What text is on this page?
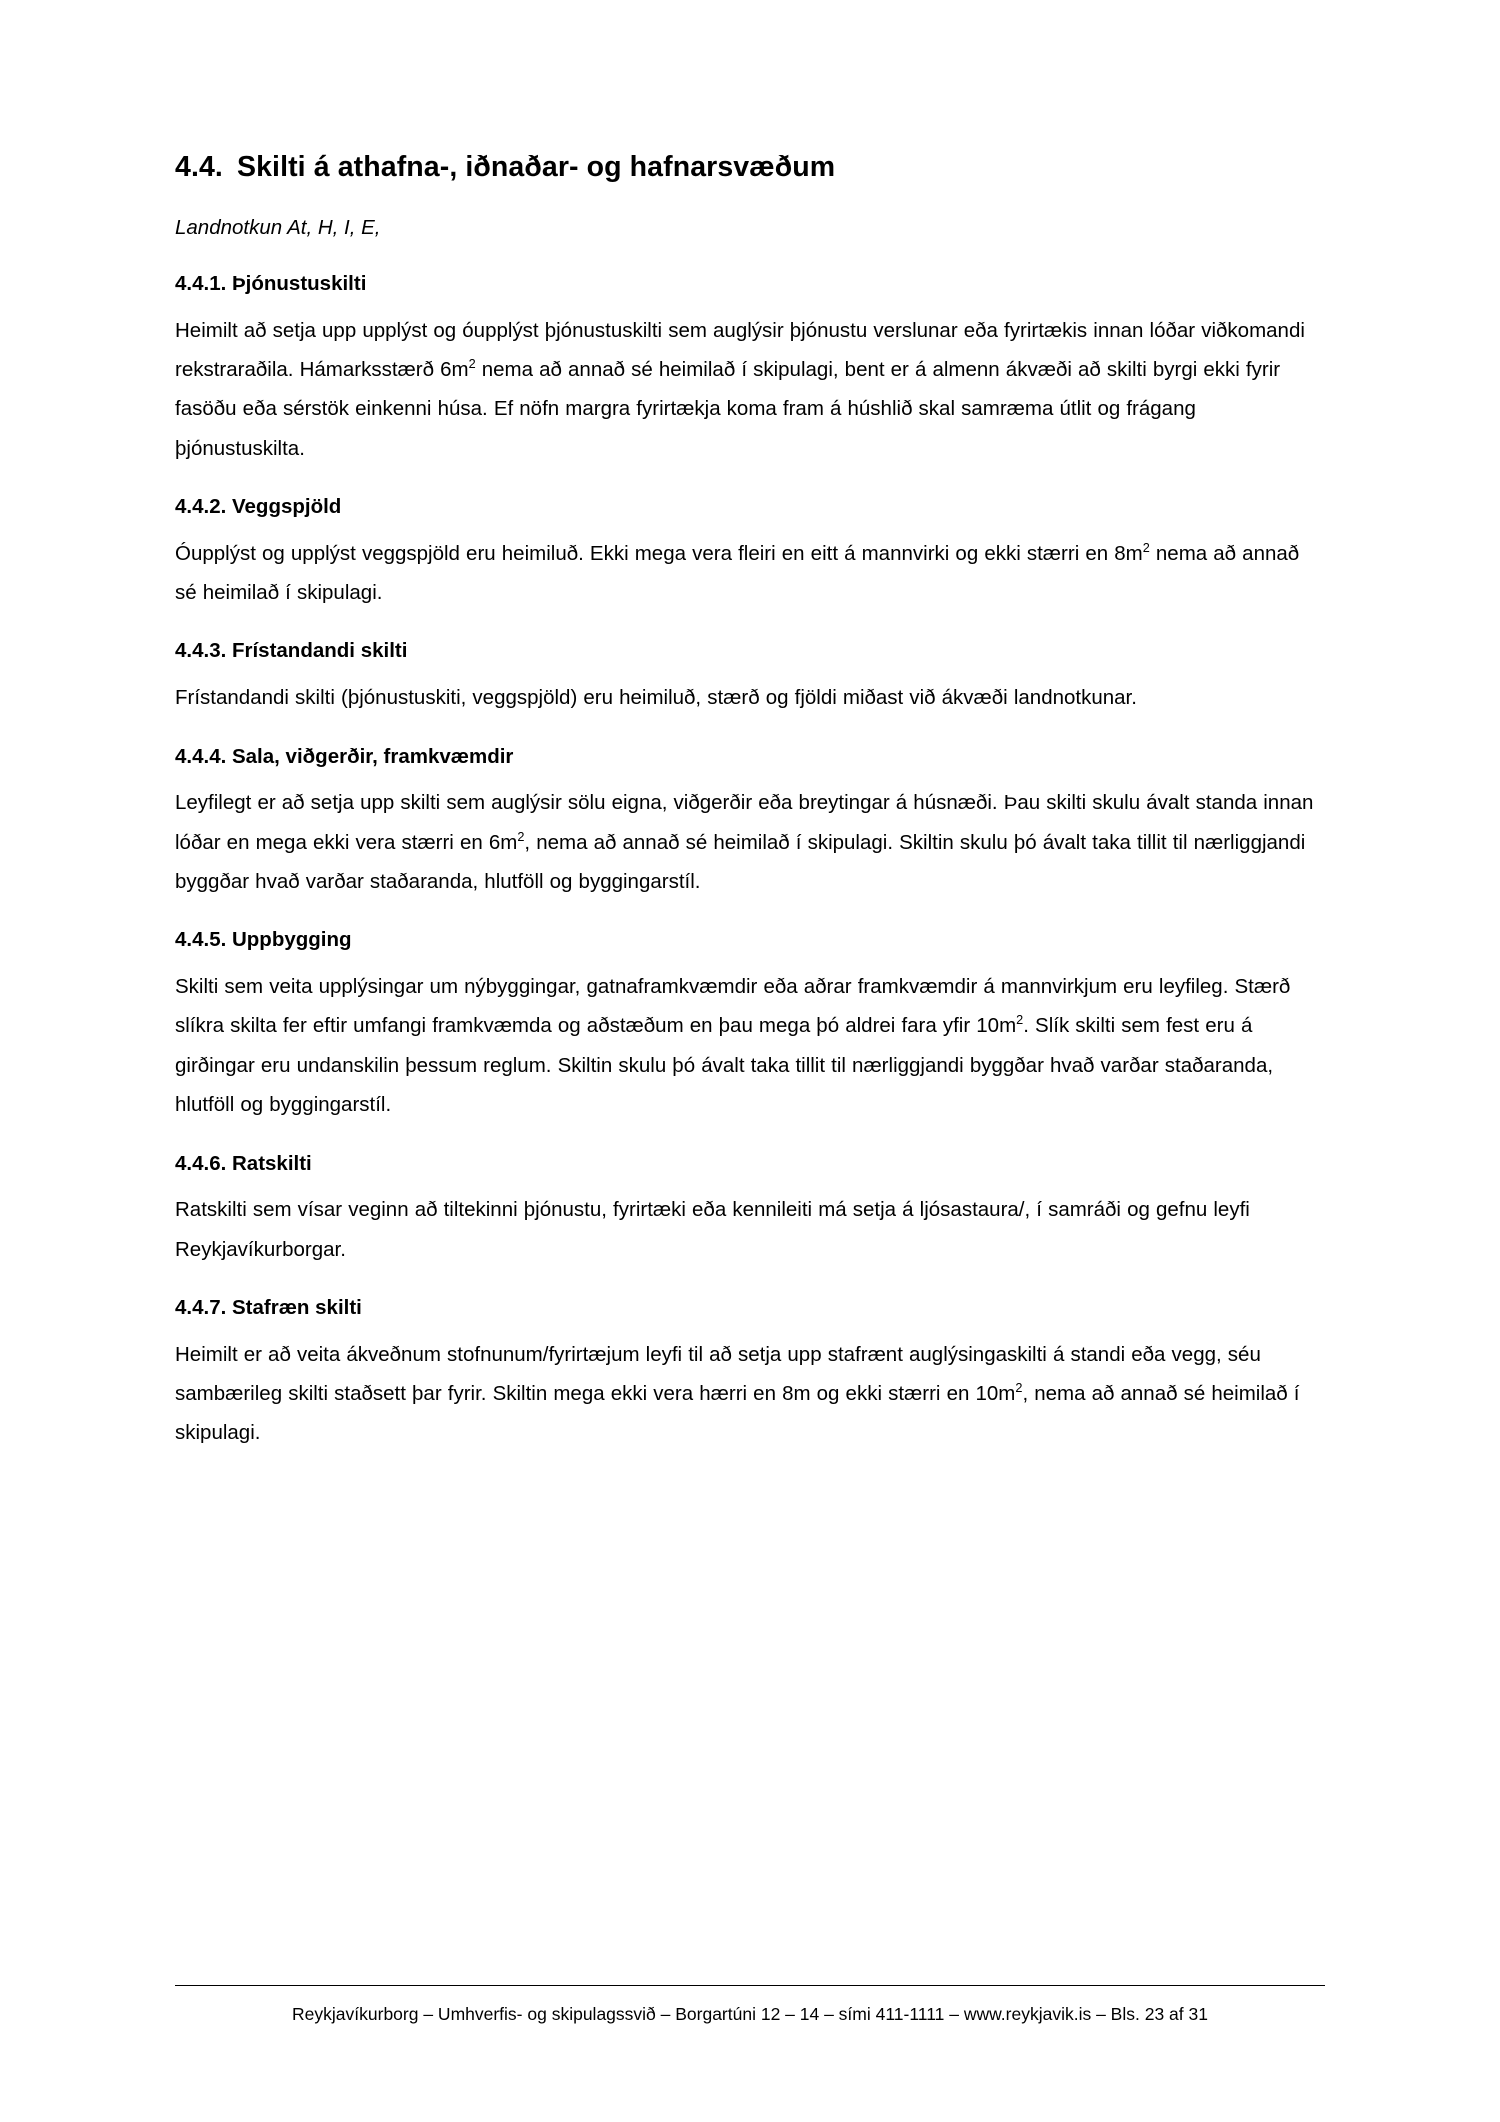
4.4. Skilti á athafna-, iðnaðar- og hafnarsvæðum

Landnotkun At, H, I, E,

4.4.1. Þjónustuskilti

Heimilt að setja upp upplýst og óupplýst þjónustuskilti sem auglýsir þjónustu verslunar eða fyrirtækis innan lóðar viðkomandi rekstraraðila. Hámarksstærð $6m^2$ nema að annað sé heimilað í skipulagi, bent er á almenn ákvæði að skilti byrgi ekki fyrir fasöðu eða sérstök einkenni húsa. Ef nöfn margra fyrirtækja koma fram á húshlið skal samræma útlit og frágang þjónustuskilta.

4.4.2. Veggspjöld

Óupplýst og upplýst veggspjöld eru heimiluð. Ekki mega vera fleiri en eitt á mannvirki og ekki stærri en $8m^2$ nema að annað sé heimilað í skipulagi.

4.4.3. Frístandandi skilti

Frístandandi skilti (þjónustuskiti, veggspjöld) eru heimiluð, stærð og fjöldi miðast við ákvæði landnotkunar.

4.4.4. Sala, viðgerðir, framkvæmdir

Leyfilegt er að setja upp skilti sem auglýsir sölu eigna, viðgerðir eða breytingar á húsnæði. Þau skilti skulu ávalt standa innan lóðar en mega ekki vera stærri en $6m^2$, nema að annað sé heimilað í skipulagi. Skiltin skulu þó ávalt taka tillit til nærliggjandi byggðar hvað varðar staðaranda, hlutföll og byggingarstíl.

4.4.5. Uppbygging

Skilti sem veita upplýsingar um nýbyggingar, gatnaframkvæmdir eða aðrar framkvæmdir á mannvirkjum eru leyfileg. Stærð slíkra skilta fer eftir umfangi framkvæmda og aðstæðum en þau mega þó aldrei fara yfir $10m^2$. Slík skilti sem fest eru á girðingar eru undanskilin þessum reglum. Skiltin skulu þó ávalt taka tillit til nærliggjandi byggðar hvað varðar staðaranda, hlutföll og byggingarstíl.

4.4.6. Ratskilti

Ratskilti sem vísar veginn að tiltekinni þjónustu, fyrirtæki eða kennileiti má setja á ljósastaura/, í samráði og gefnu leyfi Reykjavíkurborgar.

4.4.7. Stafræn skilti

Heimilt er að veita ákveðnum stofnunum/fyrirtæjum leyfi til að setja upp stafrænt auglýsingaskilti á standi eða vegg, séu sambærileg skilti staðsett þar fyrir. Skiltin mega ekki vera hærri en 8m og ekki stærri en $10m^2$, nema að annað sé heimilað í skipulagi.

Reykjavíkurborg – Umhverfis- og skipulagssvið – Borgartúni 12 – 14 – sími 411-1111 – www.reykjavik.is – Bls. 23 af 31
